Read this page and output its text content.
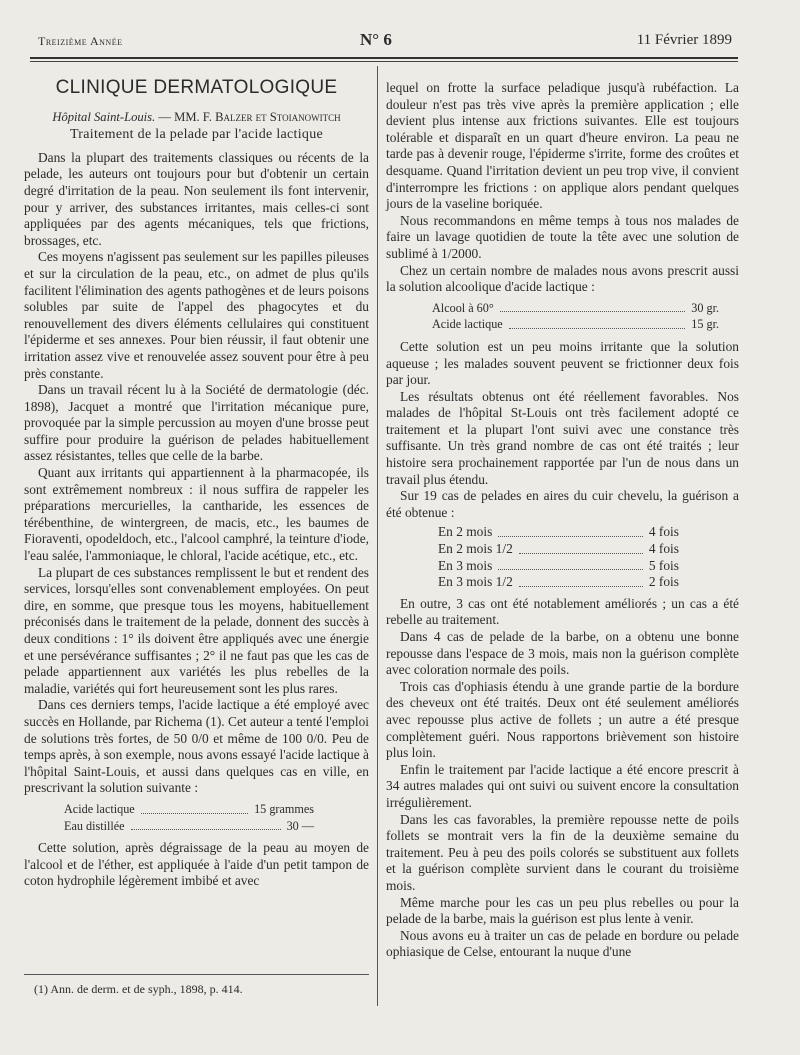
Treizième Année	N° 6	11 Février 1899
CLINIQUE DERMATOLOGIQUE
Hôpital Saint-Louis. — MM. F. Balzer et Stoianowitch
Traitement de la pelade par l'acide lactique

Dans la plupart des traitements classiques ou récents de la pelade, les auteurs ont toujours pour but d'obtenir un certain degré d'irritation de la peau. Non seulement ils font intervenir, pour y arriver, des substances irritantes, mais celles-ci sont appliquées par des agents mécaniques, tels que frictions, brossages, etc.

Ces moyens n'agissent pas seulement sur les papilles pileuses et sur la circulation de la peau, etc., on admet de plus qu'ils facilitent l'élimination des agents pathogènes et de leurs poisons solubles par suite de l'appel des phagocytes et du renouvellement des divers éléments cellulaires qui constituent l'épiderme et ses annexes. Pour bien réussir, il faut obtenir une irritation assez vive et renouvelée assez souvent pour être à peu près constante.

Dans un travail récent lu à la Société de dermatologie (déc. 1898), Jacquet a montré que l'irritation mécanique pure, provoquée par la simple percussion au moyen d'une brosse peut suffire pour produire la guérison de pelades habituellement assez résistantes, telles que celle de la barbe.

Quant aux irritants qui appartiennent à la pharmacopée, ils sont extrêmement nombreux : il nous suffira de rappeler les préparations mercurielles, la cantharide, les essences de térébenthine, de wintergreen, de macis, etc., les baumes de Fioraventi, opodeldoch, etc., l'alcool camphré, la teinture d'iode, l'eau salée, l'ammoniaque, le chloral, l'acide acétique, etc., etc.

La plupart de ces substances remplissent le but et rendent des services, lorsqu'elles sont convenablement employées. On peut dire, en somme, que presque tous les moyens, habituellement préconisés dans le traitement de la pelade, donnent des succès à deux conditions : 1° ils doivent être appliqués avec une énergie et une persévérance suffisantes ; 2° il ne faut pas que les cas de pelade appartiennent aux variétés les plus rebelles de la maladie, variétés qui fort heureusement sont les plus rares.

Dans ces derniers temps, l'acide lactique a été employé avec succès en Hollande, par Richema (1). Cet auteur a tenté l'emploi de solutions très fortes, de 50 0/0 et même de 100 0/0. Peu de temps après, à son exemple, nous avons essayé l'acide lactique à l'hôpital Saint-Louis, et aussi dans quelques cas en ville, en prescrivant la solution suivante :

Acide lactique	15 grammes
Eau distillée	30 —

Cette solution, après dégraissage de la peau au moyen de l'alcool et de l'éther, est appliquée à l'aide d'un petit tampon de coton hydrophile légèrement imbibé et avec

(1) Ann. de derm. et de syph., 1898, p. 414.

lequel on frotte la surface peladique jusqu'à rubéfaction. La douleur n'est pas très vive après la première application ; elle devient plus intense aux frictions suivantes. Elle est toujours tolérable et disparaît en un quart d'heure environ. La peau ne tarde pas à devenir rouge, l'épiderme s'irrite, forme des croûtes et desquame. Quand l'irritation devient un peu trop vive, il convient d'interrompre les frictions : on applique alors pendant quelques jours de la vaseline boriquée.

Nous recommandons en même temps à tous nos malades de faire un lavage quotidien de toute la tête avec une solution de sublimé à 1/2000.

Chez un certain nombre de malades nous avons prescrit aussi la solution alcoolique d'acide lactique :

Alcool à 60°	30 gr.
Acide lactique	15 gr.

Cette solution est un peu moins irritante que la solution aqueuse ; les malades souvent peuvent se frictionner deux fois par jour.

Les résultats obtenus ont été réellement favorables. Nos malades de l'hôpital St-Louis ont très facilement adopté ce traitement et la plupart l'ont suivi avec une constance très suffisante. Un très grand nombre de cas ont été traités ; leur histoire sera prochainement rapportée par l'un de nous dans un travail plus étendu.

Sur 19 cas de pelades en aires du cuir chevelu, la guérison a été obtenue :

En 2 mois	4 fois
En 2 mois 1/2	4 fois
En 3 mois	5 fois
En 3 mois 1/2	2 fois

En outre, 3 cas ont été notablement améliorés ; un cas a été rebelle au traitement.

Dans 4 cas de pelade de la barbe, on a obtenu une bonne repousse dans l'espace de 3 mois, mais non la guérison complète avec coloration normale des poils.

Trois cas d'ophiasis étendu à une grande partie de la bordure des cheveux ont été traités. Deux ont été seulement améliorés avec repousse plus active de follets ; un autre a été presque complètement guéri. Nous rapportons brièvement son histoire plus loin.

Enfin le traitement par l'acide lactique a été encore prescrit à 34 autres malades qui ont suivi ou suivent encore la consultation irrégulièrement.

Dans les cas favorables, la première repousse nette de poils follets se montrait vers la fin de la deuxième semaine du traitement. Peu à peu des poils colorés se substituent aux follets et la guérison complète survient dans le courant du troisième mois.

Même marche pour les cas un peu plus rebelles ou pour la pelade de la barbe, mais la guérison est plus lente à venir.

Nous avons eu à traiter un cas de pelade en bordure ou pelade ophiasique de Celse, entourant la nuque d'une
